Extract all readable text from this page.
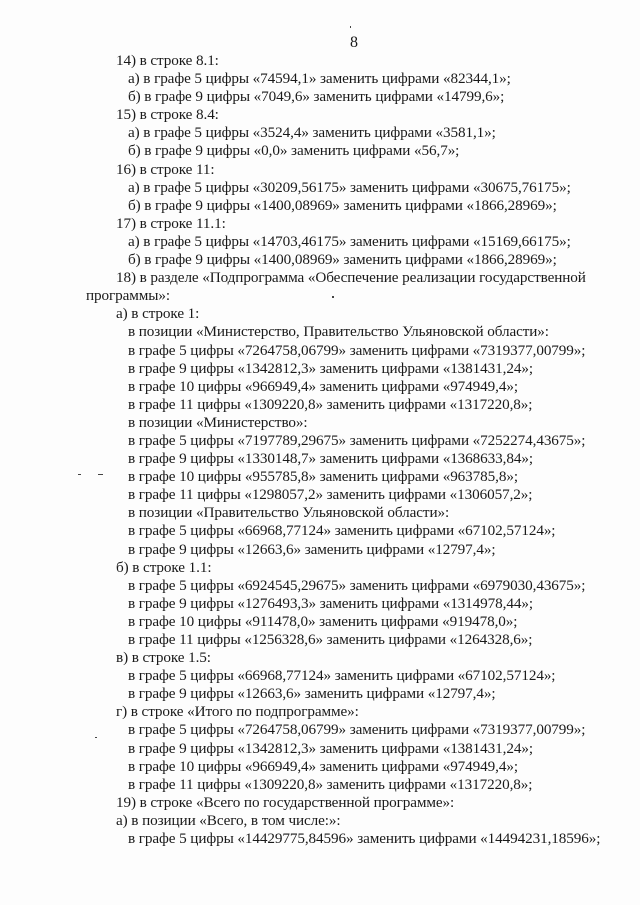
8
14) в строке 8.1:
а) в графе 5 цифры «74594,1» заменить цифрами «82344,1»;
б) в графе 9 цифры «7049,6» заменить цифрами «14799,6»;
15) в строке 8.4:
а) в графе 5 цифры «3524,4» заменить цифрами «3581,1»;
б) в графе 9 цифры «0,0» заменить цифрами «56,7»;
16) в строке 11:
а) в графе 5 цифры «30209,56175» заменить цифрами «30675,76175»;
б) в графе 9 цифры «1400,08969» заменить цифрами «1866,28969»;
17) в строке 11.1:
а) в графе 5 цифры «14703,46175» заменить цифрами «15169,66175»;
б) в графе 9 цифры «1400,08969» заменить цифрами «1866,28969»;
18) в разделе «Подпрограмма «Обеспечение реализации государственной
программы»:
а) в строке 1:
в позиции «Министерство, Правительство Ульяновской области»:
в графе 5 цифры «7264758,06799» заменить цифрами «7319377,00799»;
в графе 9 цифры «1342812,3» заменить цифрами «1381431,24»;
в графе 10 цифры «966949,4» заменить цифрами «974949,4»;
в графе 11 цифры «1309220,8» заменить цифрами «1317220,8»;
в позиции «Министерство»:
в графе 5 цифры «7197789,29675» заменить цифрами «7252274,43675»;
в графе 9 цифры «1330148,7» заменить цифрами «1368633,84»;
в графе 10 цифры «955785,8» заменить цифрами «963785,8»;
в графе 11 цифры «1298057,2» заменить цифрами «1306057,2»;
в позиции «Правительство Ульяновской области»:
в графе 5 цифры «66968,77124» заменить цифрами «67102,57124»;
в графе 9 цифры «12663,6» заменить цифрами «12797,4»;
б) в строке 1.1:
в графе 5 цифры «6924545,29675» заменить цифрами «6979030,43675»;
в графе 9 цифры «1276493,3» заменить цифрами «1314978,44»;
в графе 10 цифры «911478,0» заменить цифрами «919478,0»;
в графе 11 цифры «1256328,6» заменить цифрами «1264328,6»;
в) в строке 1.5:
в графе 5 цифры «66968,77124» заменить цифрами «67102,57124»;
в графе 9 цифры «12663,6» заменить цифрами «12797,4»;
г) в строке «Итого по подпрограмме»:
в графе 5 цифры «7264758,06799» заменить цифрами «7319377,00799»;
в графе 9 цифры «1342812,3» заменить цифрами «1381431,24»;
в графе 10 цифры «966949,4» заменить цифрами «974949,4»;
в графе 11 цифры «1309220,8» заменить цифрами «1317220,8»;
19) в строке «Всего по государственной программе»:
а) в позиции «Всего, в том числе:»:
в графе 5 цифры «14429775,84596» заменить цифрами «14494231,18596»;
